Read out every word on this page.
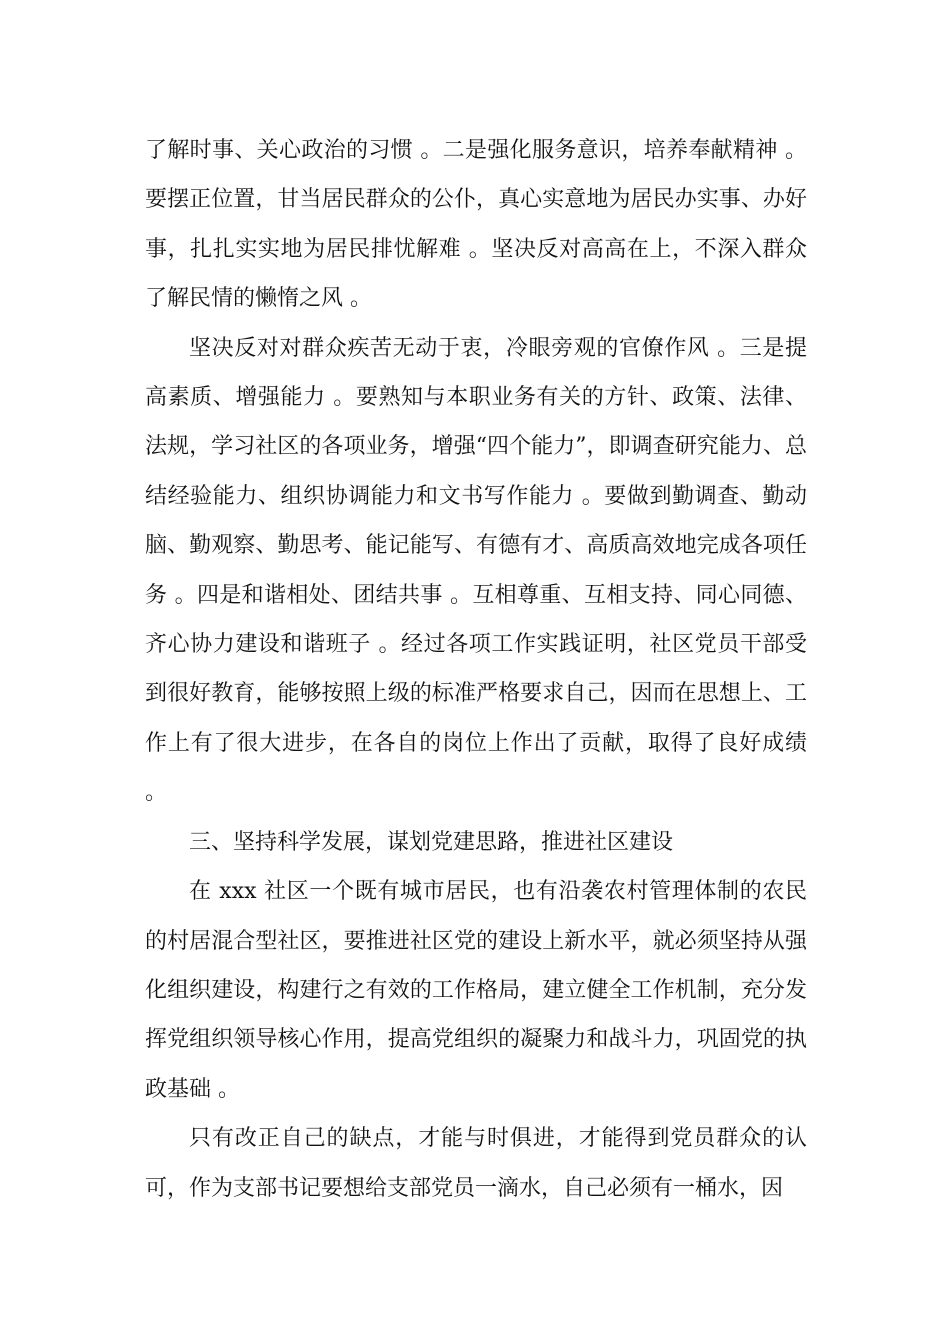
了解时事、关心政治的习惯 。二是强化服务意识，培养奉献精神 。要摆正位置，甘当居民群众的公仆，真心实意地为居民办实事、办好事，扎扎实实地为居民排忧解难 。坚决反对高高在上，不深入群众了解民情的懒惰之风 。

坚决反对对群众疾苦无动于衷，冷眼旁观的官僚作风 。三是提高素质、增强能力 。要熟知与本职业务有关的方针、政策、法律、法规，学习社区的各项业务，增强“四个能力”，即调查研究能力、总结经验能力、组织协调能力和文书写作能力 。要做到勤调查、勤动脑、勤观察、勤思考、能记能写、有德有才、高质高效地完成各项任务 。四是和谐相处、团结共事 。互相尊重、互相支持、同心同德、齐心协力建设和谐班子 。经过各项工作实践证明，社区党员干部受到很好教育，能够按照上级的标准严格要求自己，因而在思想上、工作上有了很大进步，在各自的岗位上作出了贡献，取得了良好成绩 。

三、坚持科学发展，谋划党建思路，推进社区建设

在 xxx 社区一个既有城市居民，也有沿袭农村管理体制的农民的村居混合型社区，要推进社区党的建设上新水平，就必须坚持从强化组织建设，构建行之有效的工作格局，建立健全工作机制，充分发挥党组织领导核心作用，提高党组织的凝聚力和战斗力，巩固党的执政基础 。

只有改正自己的缺点，才能与时俱进，才能得到党员群众的认可，作为支部书记要想给支部党员一滴水，自己必须有一桶水，因
